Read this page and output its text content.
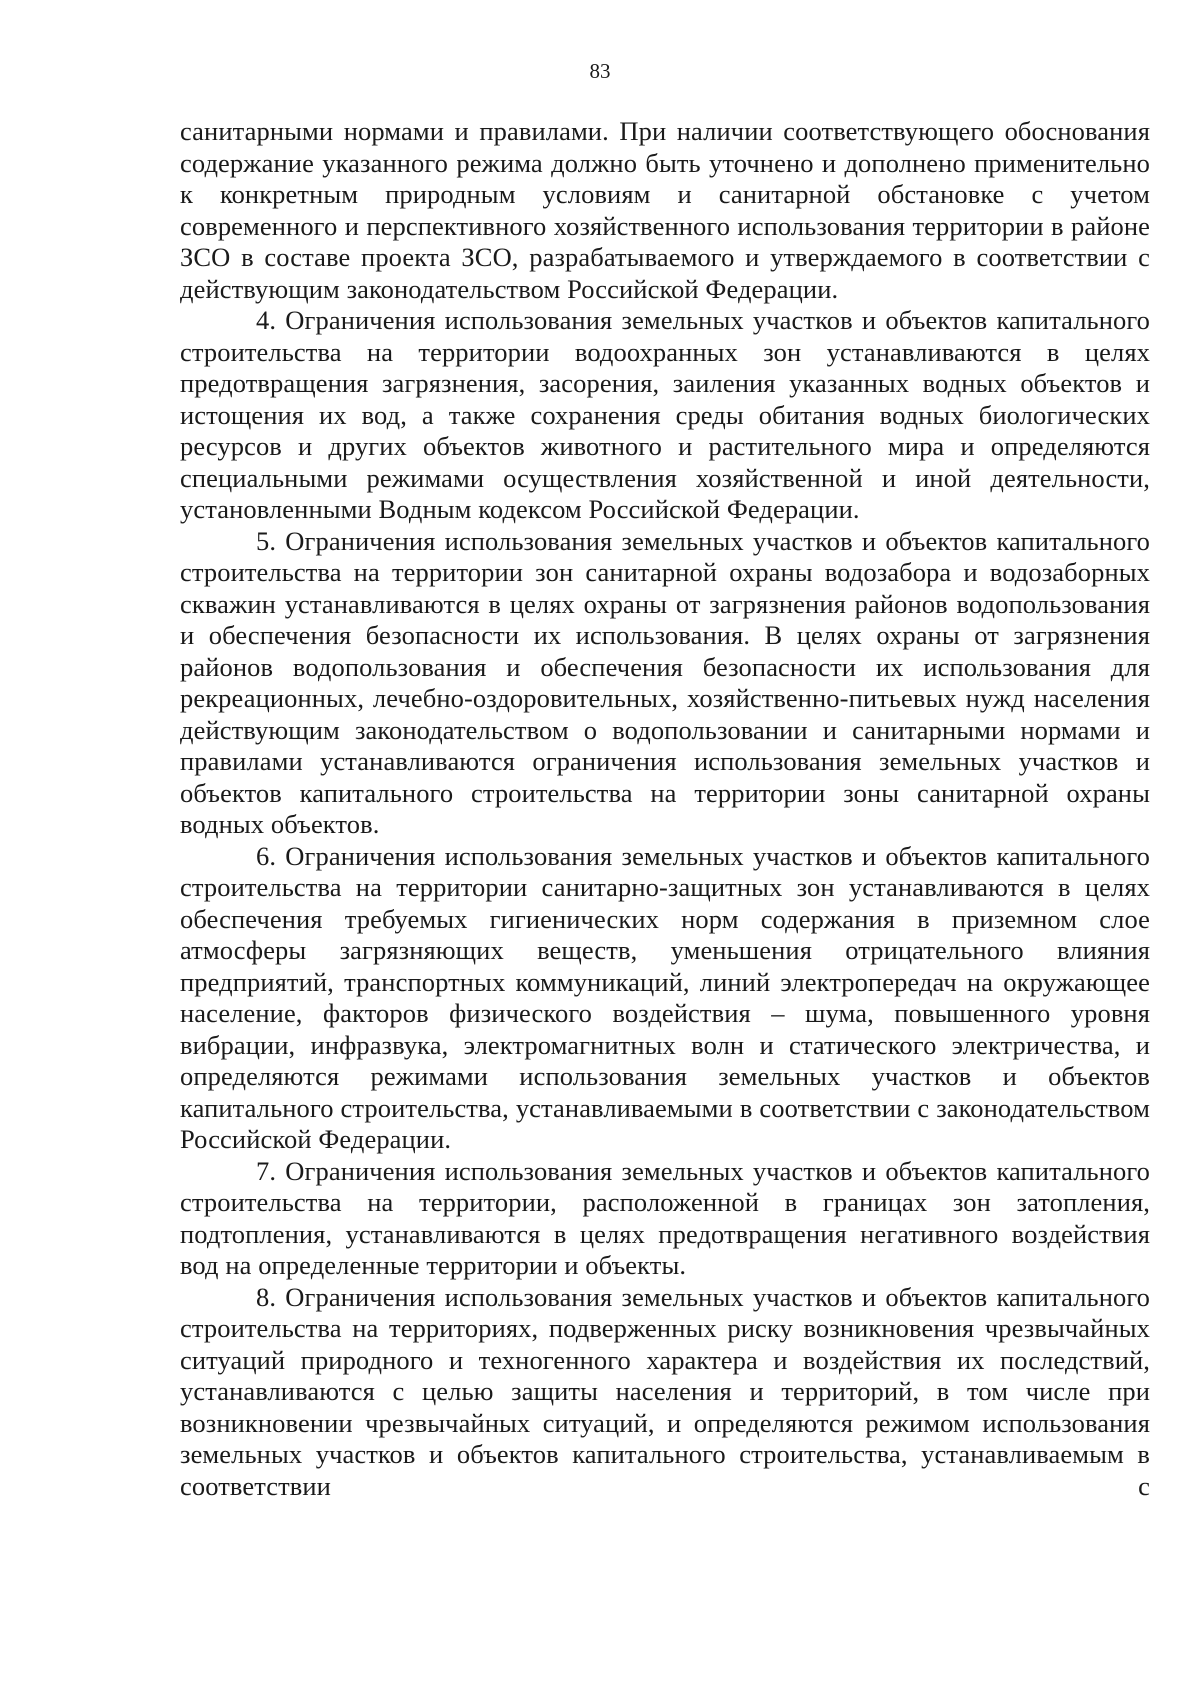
83

санитарными нормами и правилами. При наличии соответствующего обоснования содержание указанного режима должно быть уточнено и дополнено применительно к конкретным природным условиям и санитарной обстановке с учетом современного и перспективного хозяйственного использования территории в районе ЗСО в составе проекта ЗСО, разрабатываемого и утверждаемого в соответствии с действующим законодательством Российской Федерации.

4. Ограничения использования земельных участков и объектов капитального строительства на территории водоохранных зон устанавливаются в целях предотвращения загрязнения, засорения, заиления указанных водных объектов и истощения их вод, а также сохранения среды обитания водных биологических ресурсов и других объектов животного и растительного мира и определяются специальными режимами осуществления хозяйственной и иной деятельности, установленными Водным кодексом Российской Федерации.

5. Ограничения использования земельных участков и объектов капитального строительства на территории зон санитарной охраны водозабора и водозаборных скважин устанавливаются в целях охраны от загрязнения районов водопользования и обеспечения безопасности их использования. В целях охраны от загрязнения районов водопользования и обеспечения безопасности их использования для рекреационных, лечебно-оздоровительных, хозяйственно-питьевых нужд населения действующим законодательством о водопользовании и санитарными нормами и правилами устанавливаются ограничения использования земельных участков и объектов капитального строительства на территории зоны санитарной охраны водных объектов.

6. Ограничения использования земельных участков и объектов капитального строительства на территории санитарно-защитных зон устанавливаются в целях обеспечения требуемых гигиенических норм содержания в приземном слое атмосферы загрязняющих веществ, уменьшения отрицательного влияния предприятий, транспортных коммуникаций, линий электропередач на окружающее население, факторов физического воздействия – шума, повышенного уровня вибрации, инфразвука, электромагнитных волн и статического электричества, и определяются режимами использования земельных участков и объектов капитального строительства, устанавливаемыми в соответствии с законодательством Российской Федерации.

7. Ограничения использования земельных участков и объектов капитального строительства на территории, расположенной в границах зон затопления, подтопления, устанавливаются в целях предотвращения негативного воздействия вод на определенные территории и объекты.

8. Ограничения использования земельных участков и объектов капитального строительства на территориях, подверженных риску возникновения чрезвычайных ситуаций природного и техногенного характера и воздействия их последствий, устанавливаются с целью защиты населения и территорий, в том числе при возникновении чрезвычайных ситуаций, и определяются режимом использования земельных участков и объектов капитального строительства, устанавливаемым в соответствии с
